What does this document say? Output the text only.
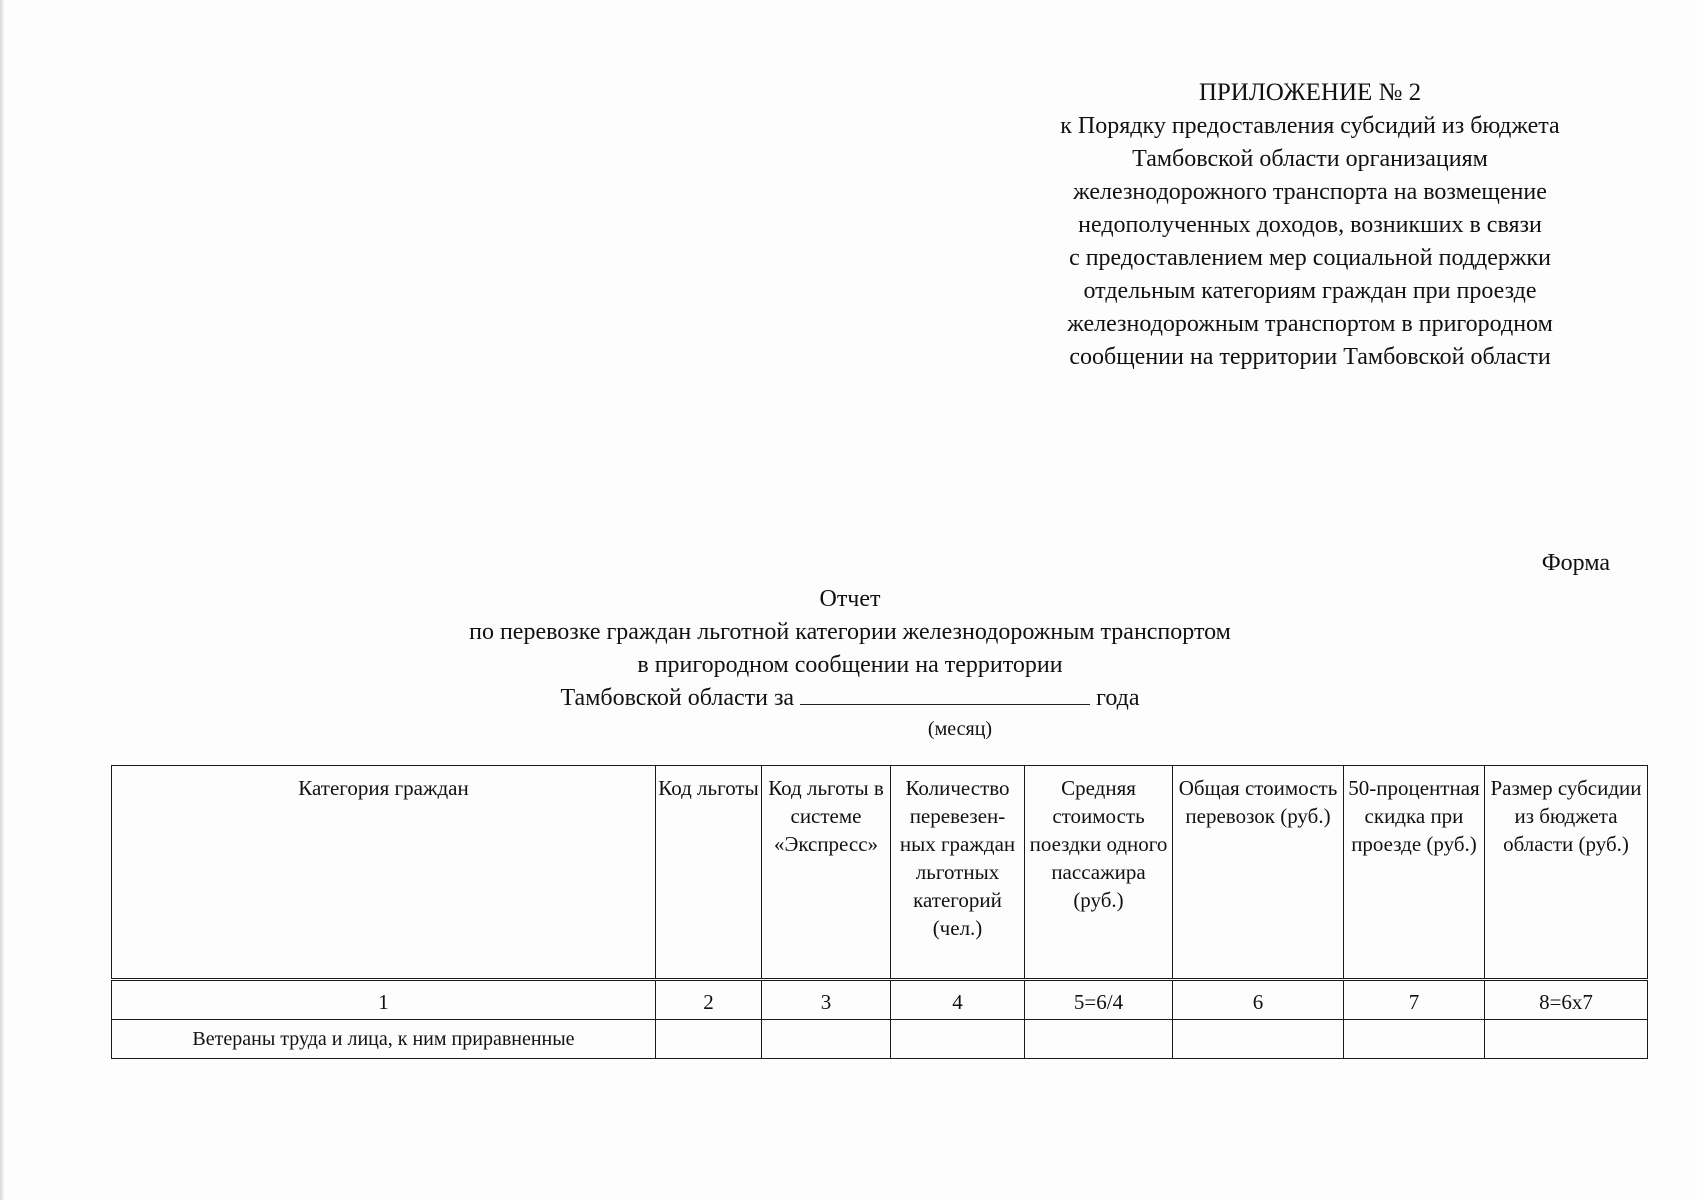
ПРИЛОЖЕНИЕ № 2
к Порядку предоставления субсидий из бюджета
Тамбовской области организациям
железнодорожного транспорта на возмещение
недополученных доходов, возникших в связи
с предоставлением мер социальной поддержки
отдельным категориям граждан при проезде
железнодорожным транспортом в пригородном
сообщении на территории Тамбовской области
Форма
Отчет
по перевозке граждан льготной категории железнодорожным транспортом
в пригородном сообщении на территории
Тамбовской области за	года
(месяц)
Категория граждан	Код льготы	Код льготы в системе «Экспресс»	Количество перевезен-ных граждан льготных категорий (чел.)	Средняя стоимость поездки одного пассажира (руб.)	Общая стоимость перевозок (руб.)	50-процентная скидка при проезде (руб.)	Размер субсидии из бюджета области (руб.)
1	2	3	4	5=6/4	6	7	8=6х7
Ветераны труда и лица, к ним приравненные							
